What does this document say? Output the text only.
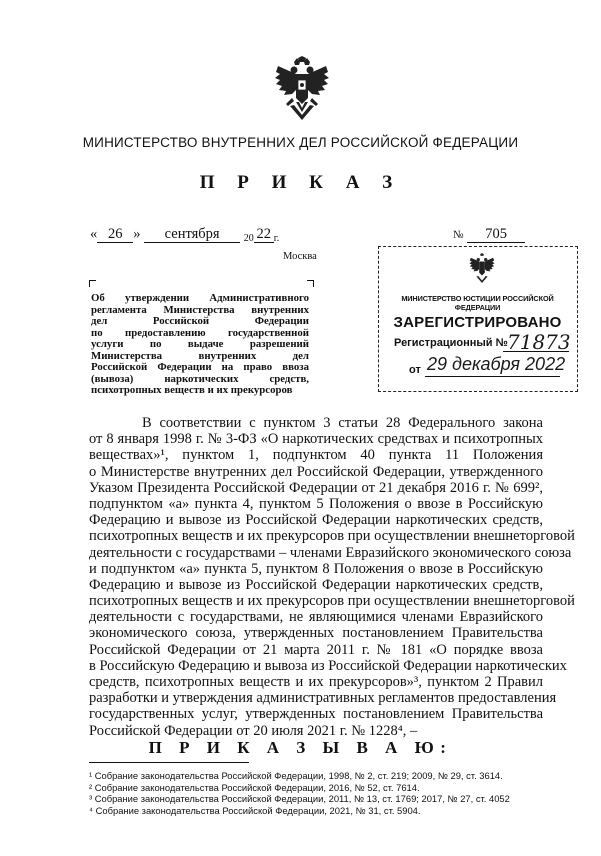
МИНИСТЕРСТВО ВНУТРЕННИХ ДЕЛ РОССИЙСКОЙ ФЕДЕРАЦИИ
П Р И К А З
« 26 » сентября $_{20}$ 22 $_{г.}$	№ 705
Москва
Об утверждении Административного
регламента Министерства внутренних
дел Российской Федерации
по предоставлению государственной
услуги по выдаче разрешений
Министерства внутренних дел
Российской Федерации на право ввоза
(вывоза) наркотических средств,
психотропных веществ и их прекурсоров
МИНИСТЕРСТВО ЮСТИЦИИ РОССИЙСКОЙ ФЕДЕРАЦИИ
ЗАРЕГИСТРИРОВАНО
Регистрационный № 71873
от 29 декабря 2022
В соответствии с пунктом 3 статьи 28 Федерального закона
от 8 января 1998 г. № 3-ФЗ «О наркотических средствах и психотропных
веществах»¹, пунктом 1, подпунктом 40 пункта 11 Положения
о Министерстве внутренних дел Российской Федерации, утвержденного
Указом Президента Российской Федерации от 21 декабря 2016 г. № 699²,
подпунктом «а» пункта 4, пунктом 5 Положения о ввозе в Российскую
Федерацию и вывозе из Российской Федерации наркотических средств,
психотропных веществ и их прекурсоров при осуществлении внешнеторговой
деятельности с государствами – членами Евразийского экономического союза
и подпунктом «а» пункта 5, пунктом 8 Положения о ввозе в Российскую
Федерацию и вывозе из Российской Федерации наркотических средств,
психотропных веществ и их прекурсоров при осуществлении внешнеторговой
деятельности с государствами, не являющимися членами Евразийского
экономического союза, утвержденных постановлением Правительства
Российской Федерации от 21 марта 2011 г. № 181 «О порядке ввоза
в Российскую Федерацию и вывоза из Российской Федерации наркотических
средств, психотропных веществ и их прекурсоров»³, пунктом 2 Правил
разработки и утверждения административных регламентов предоставления
государственных услуг, утвержденных постановлением Правительства
Российской Федерации от 20 июля 2021 г. № 1228⁴, –
П Р И К А З Ы В А Ю:
¹ Собрание законодательства Российской Федерации, 1998, № 2, ст. 219; 2009, № 29, ст. 3614.
² Собрание законодательства Российской Федерации, 2016, № 52, ст. 7614.
³ Собрание законодательства Российской Федерации, 2011, № 13, ст. 1769; 2017, № 27, ст. 4052
⁴ Собрание законодательства Российской Федерации, 2021, № 31, ст. 5904.
